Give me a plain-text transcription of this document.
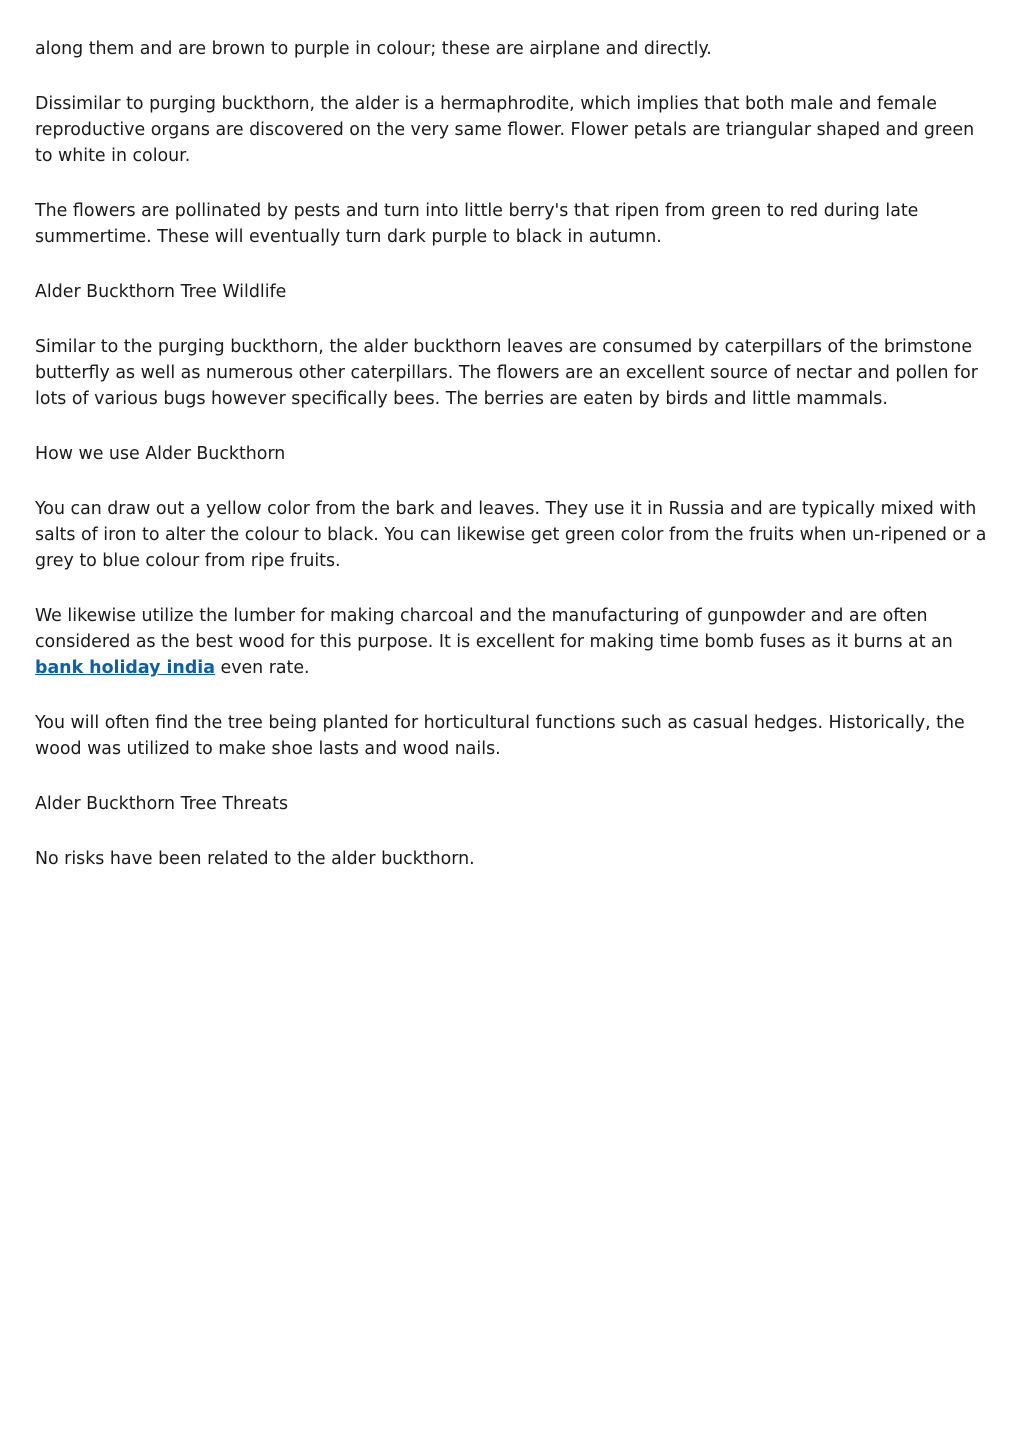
along them and are brown to purple in colour; these are airplane and directly.

Dissimilar to purging buckthorn, the alder is a hermaphrodite, which implies that both male and female reproductive organs are discovered on the very same flower. Flower petals are triangular shaped and green to white in colour.

The flowers are pollinated by pests and turn into little berry's that ripen from green to red during late summertime. These will eventually turn dark purple to black in autumn.

Alder Buckthorn Tree Wildlife

Similar to the purging buckthorn, the alder buckthorn leaves are consumed by caterpillars of the brimstone butterfly as well as numerous other caterpillars. The flowers are an excellent source of nectar and pollen for lots of various bugs however specifically bees. The berries are eaten by birds and little mammals.

How we use Alder Buckthorn

You can draw out a yellow color from the bark and leaves. They use it in Russia and are typically mixed with salts of iron to alter the colour to black. You can likewise get green color from the fruits when un-ripened or a grey to blue colour from ripe fruits.

We likewise utilize the lumber for making charcoal and the manufacturing of gunpowder and are often considered as the best wood for this purpose. It is excellent for making time bomb fuses as it burns at an bank holiday india even rate.

You will often find the tree being planted for horticultural functions such as casual hedges. Historically, the wood was utilized to make shoe lasts and wood nails.

Alder Buckthorn Tree Threats

No risks have been related to the alder buckthorn.
